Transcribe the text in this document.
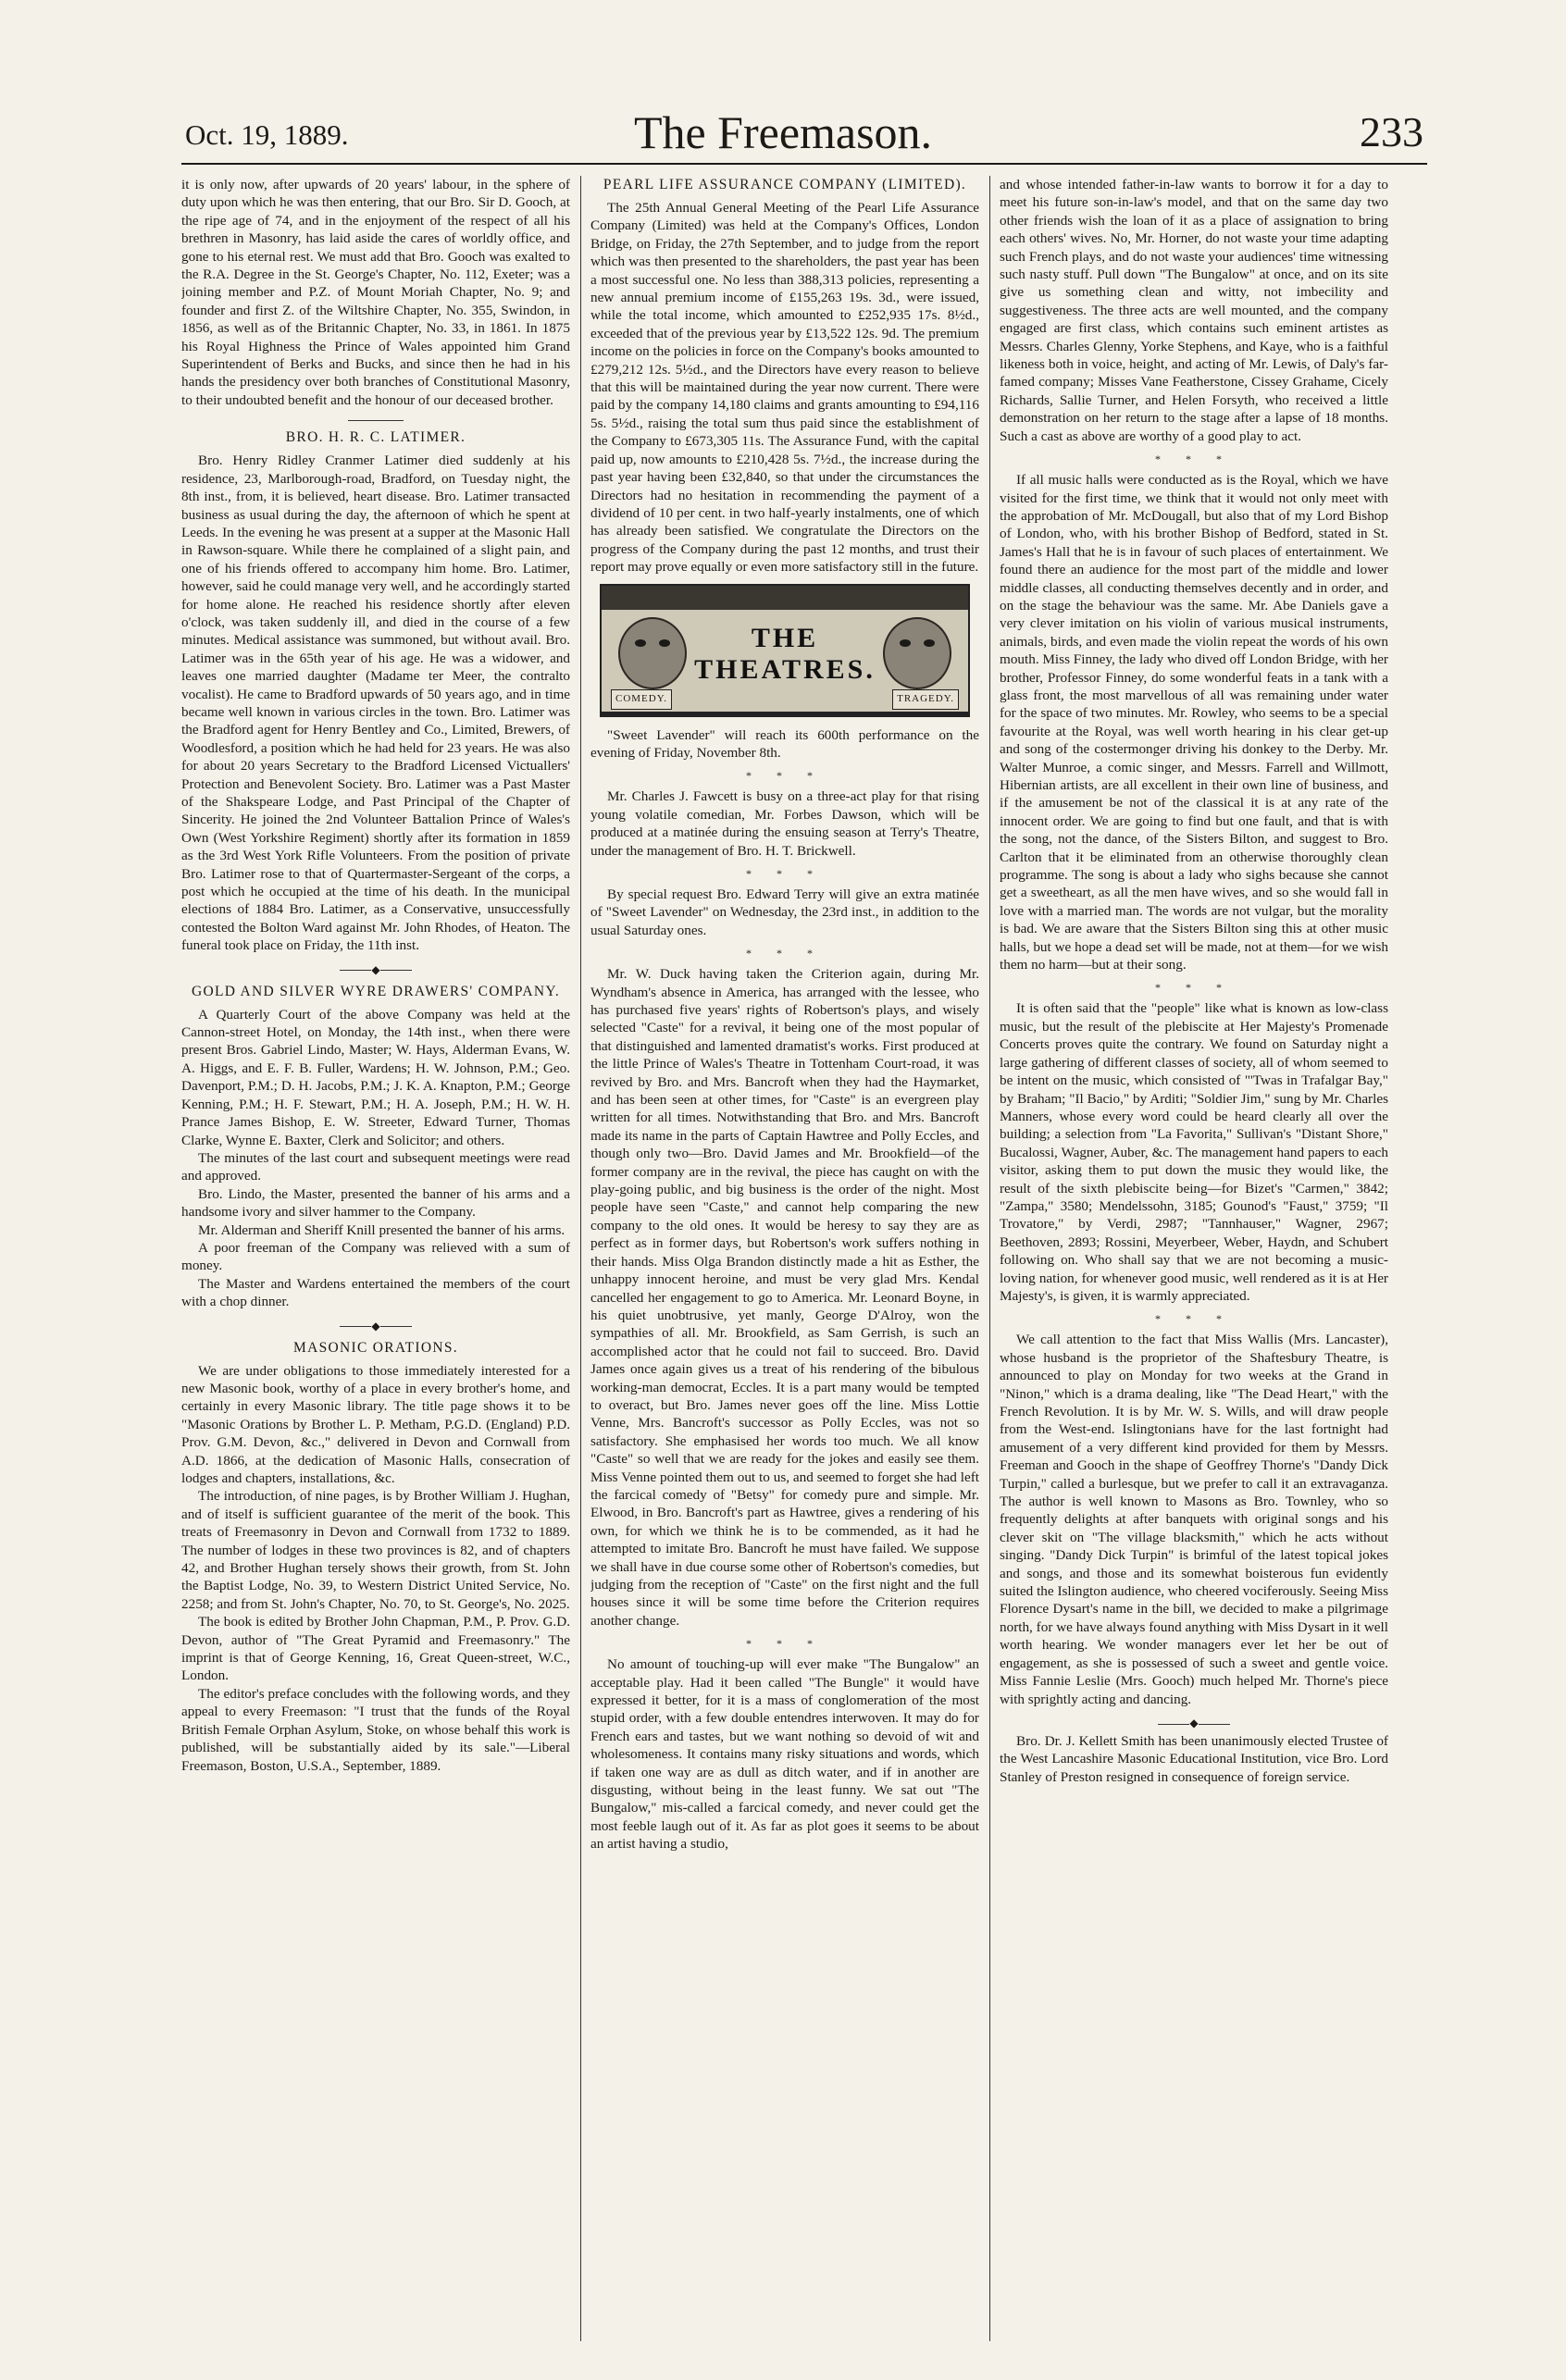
Oct. 19, 1889.	The Freemason.	233

it is only now, after upwards of 20 years' labour, in the sphere of duty upon which he was then entering, that our Bro. Sir D. Gooch, at the ripe age of 74, and in the enjoyment of the respect of all his brethren in Masonry, has laid aside the cares of worldly office, and gone to his eternal rest. We must add that Bro. Gooch was exalted to the R.A. Degree in the St. George's Chapter, No. 112, Exeter; was a joining member and P.Z. of Mount Moriah Chapter, No. 9; and founder and first Z. of the Wiltshire Chapter, No. 355, Swindon, in 1856, as well as of the Britannic Chapter, No. 33, in 1861. In 1875 his Royal Highness the Prince of Wales appointed him Grand Superintendent of Berks and Bucks, and since then he had in his hands the presidency over both branches of Constitutional Masonry, to their undoubted benefit and the honour of our deceased brother.

BRO. H. R. C. LATIMER.

Bro. Henry Ridley Cranmer Latimer died suddenly at his residence, 23, Marlborough-road, Bradford, on Tuesday night, the 8th inst., from, it is believed, heart disease. Bro. Latimer transacted business as usual during the day, the afternoon of which he spent at Leeds. In the evening he was present at a supper at the Masonic Hall in Rawson-square. While there he complained of a slight pain, and one of his friends offered to accompany him home. Bro. Latimer, however, said he could manage very well, and he accordingly started for home alone. He reached his residence shortly after eleven o'clock, was taken suddenly ill, and died in the course of a few minutes. Medical assistance was summoned, but without avail. Bro. Latimer was in the 65th year of his age. He was a widower, and leaves one married daughter (Madame ter Meer, the contralto vocalist). He came to Bradford upwards of 50 years ago, and in time became well known in various circles in the town. Bro. Latimer was the Bradford agent for Henry Bentley and Co., Limited, Brewers, of Woodlesford, a position which he had held for 23 years. He was also for about 20 years Secretary to the Bradford Licensed Victuallers' Protection and Benevolent Society. Bro. Latimer was a Past Master of the Shakspeare Lodge, and Past Principal of the Chapter of Sincerity. He joined the 2nd Volunteer Battalion Prince of Wales's Own (West Yorkshire Regiment) shortly after its formation in 1859 as the 3rd West York Rifle Volunteers. From the position of private Bro. Latimer rose to that of Quartermaster-Sergeant of the corps, a post which he occupied at the time of his death. In the municipal elections of 1884 Bro. Latimer, as a Conservative, unsuccessfully contested the Bolton Ward against Mr. John Rhodes, of Heaton. The funeral took place on Friday, the 11th inst.

◆
GOLD AND SILVER WYRE DRAWERS' COMPANY.

A Quarterly Court of the above Company was held at the Cannon-street Hotel, on Monday, the 14th inst., when there were present Bros. Gabriel Lindo, Master; W. Hays, Alderman Evans, W. A. Higgs, and E. F. B. Fuller, Wardens; H. W. Johnson, P.M.; Geo. Davenport, P.M.; D. H. Jacobs, P.M.; J. K. A. Knapton, P.M.; George Kenning, P.M.; H. F. Stewart, P.M.; H. A. Joseph, P.M.; H. W. H. Prance James Bishop, E. W. Streeter, Edward Turner, Thomas Clarke, Wynne E. Baxter, Clerk and Solicitor; and others.

The minutes of the last court and subsequent meetings were read and approved.

Bro. Lindo, the Master, presented the banner of his arms and a handsome ivory and silver hammer to the Company.

Mr. Alderman and Sheriff Knill presented the banner of his arms.

A poor freeman of the Company was relieved with a sum of money.

The Master and Wardens entertained the members of the court with a chop dinner.

◆
MASONIC ORATIONS.

We are under obligations to those immediately interested for a new Masonic book, worthy of a place in every brother's home, and certainly in every Masonic library. The title page shows it to be "Masonic Orations by Brother L. P. Metham, P.G.D. (England) P.D. Prov. G.M. Devon, &c.," delivered in Devon and Cornwall from A.D. 1866, at the dedication of Masonic Halls, consecration of lodges and chapters, installations, &c.

The introduction, of nine pages, is by Brother William J. Hughan, and of itself is sufficient guarantee of the merit of the book. This treats of Freemasonry in Devon and Cornwall from 1732 to 1889. The number of lodges in these two provinces is 82, and of chapters 42, and Brother Hughan tersely shows their growth, from St. John the Baptist Lodge, No. 39, to Western District United Service, No. 2258; and from St. John's Chapter, No. 70, to St. George's, No. 2025.

The book is edited by Brother John Chapman, P.M., P. Prov. G.D. Devon, author of "The Great Pyramid and Freemasonry." The imprint is that of George Kenning, 16, Great Queen-street, W.C., London.

The editor's preface concludes with the following words, and they appeal to every Freemason: "I trust that the funds of the Royal British Female Orphan Asylum, Stoke, on whose behalf this work is published, will be substantially aided by its sale."—Liberal Freemason, Boston, U.S.A., September, 1889.

PEARL LIFE ASSURANCE COMPANY (LIMITED).

The 25th Annual General Meeting of the Pearl Life Assurance Company (Limited) was held at the Company's Offices, London Bridge, on Friday, the 27th September, and to judge from the report which was then presented to the shareholders, the past year has been a most successful one. No less than 388,313 policies, representing a new annual premium income of £155,263 19s. 3d., were issued, while the total income, which amounted to £252,935 17s. 8½d., exceeded that of the previous year by £13,522 12s. 9d. The premium income on the policies in force on the Company's books amounted to £279,212 12s. 5½d., and the Directors have every reason to believe that this will be maintained during the year now current. There were paid by the company 14,180 claims and grants amounting to £94,116 5s. 5½d., raising the total sum thus paid since the establishment of the Company to £673,305 11s. The Assurance Fund, with the capital paid up, now amounts to £210,428 5s. 7½d., the increase during the past year having been £32,840, so that under the circumstances the Directors had no hesitation in recommending the payment of a dividend of 10 per cent. in two half-yearly instalments, one of which has already been satisfied. We congratulate the Directors on the progress of the Company during the past 12 months, and trust their report may prove equally or even more satisfactory still in the future.

THE THEATRES.
COMEDY.	TRAGEDY.

"Sweet Lavender" will reach its 600th performance on the evening of Friday, November 8th.

* * *

Mr. Charles J. Fawcett is busy on a three-act play for that rising young volatile comedian, Mr. Forbes Dawson, which will be produced at a matinée during the ensuing season at Terry's Theatre, under the management of Bro. H. T. Brickwell.

* * *

By special request Bro. Edward Terry will give an extra matinée of "Sweet Lavender" on Wednesday, the 23rd inst., in addition to the usual Saturday ones.

* * *

Mr. W. Duck having taken the Criterion again, during Mr. Wyndham's absence in America, has arranged with the lessee, who has purchased five years' rights of Robertson's plays, and wisely selected "Caste" for a revival, it being one of the most popular of that distinguished and lamented dramatist's works. First produced at the little Prince of Wales's Theatre in Tottenham Court-road, it was revived by Bro. and Mrs. Bancroft when they had the Haymarket, and has been seen at other times, for "Caste" is an evergreen play written for all times. Notwithstanding that Bro. and Mrs. Bancroft made its name in the parts of Captain Hawtree and Polly Eccles, and though only two—Bro. David James and Mr. Brookfield—of the former company are in the revival, the piece has caught on with the play-going public, and big business is the order of the night. Most people have seen "Caste," and cannot help comparing the new company to the old ones. It would be heresy to say they are as perfect as in former days, but Robertson's work suffers nothing in their hands. Miss Olga Brandon distinctly made a hit as Esther, the unhappy innocent heroine, and must be very glad Mrs. Kendal cancelled her engagement to go to America. Mr. Leonard Boyne, in his quiet unobtrusive, yet manly, George D'Alroy, won the sympathies of all. Mr. Brookfield, as Sam Gerrish, is such an accomplished actor that he could not fail to succeed. Bro. David James once again gives us a treat of his rendering of the bibulous working-man democrat, Eccles. It is a part many would be tempted to overact, but Bro. James never goes off the line. Miss Lottie Venne, Mrs. Bancroft's successor as Polly Eccles, was not so satisfactory. She emphasised her words too much. We all know "Caste" so well that we are ready for the jokes and easily see them. Miss Venne pointed them out to us, and seemed to forget she had left the farcical comedy of "Betsy" for comedy pure and simple. Mr. Elwood, in Bro. Bancroft's part as Hawtree, gives a rendering of his own, for which we think he is to be commended, as it had he attempted to imitate Bro. Bancroft he must have failed. We suppose we shall have in due course some other of Robertson's comedies, but judging from the reception of "Caste" on the first night and the full houses since it will be some time before the Criterion requires another change.

* * *

No amount of touching-up will ever make "The Bungalow" an acceptable play. Had it been called "The Bungle" it would have expressed it better, for it is a mass of conglomeration of the most stupid order, with a few double entendres interwoven. It may do for French ears and tastes, but we want nothing so devoid of wit and wholesomeness. It contains many risky situations and words, which if taken one way are as dull as ditch water, and if in another are disgusting, without being in the least funny. We sat out "The Bungalow," mis-called a farcical comedy, and never could get the most feeble laugh out of it. As far as plot goes it seems to be about an artist having a studio,

and whose intended father-in-law wants to borrow it for a day to meet his future son-in-law's model, and that on the same day two other friends wish the loan of it as a place of assignation to bring each others' wives. No, Mr. Horner, do not waste your time adapting such French plays, and do not waste your audiences' time witnessing such nasty stuff. Pull down "The Bungalow" at once, and on its site give us something clean and witty, not imbecility and suggestiveness. The three acts are well mounted, and the company engaged are first class, which contains such eminent artistes as Messrs. Charles Glenny, Yorke Stephens, and Kaye, who is a faithful likeness both in voice, height, and acting of Mr. Lewis, of Daly's far-famed company; Misses Vane Featherstone, Cissey Grahame, Cicely Richards, Sallie Turner, and Helen Forsyth, who received a little demonstration on her return to the stage after a lapse of 18 months. Such a cast as above are worthy of a good play to act.

* * *

If all music halls were conducted as is the Royal, which we have visited for the first time, we think that it would not only meet with the approbation of Mr. McDougall, but also that of my Lord Bishop of London, who, with his brother Bishop of Bedford, stated in St. James's Hall that he is in favour of such places of entertainment. We found there an audience for the most part of the middle and lower middle classes, all conducting themselves decently and in order, and on the stage the behaviour was the same. Mr. Abe Daniels gave a very clever imitation on his violin of various musical instruments, animals, birds, and even made the violin repeat the words of his own mouth. Miss Finney, the lady who dived off London Bridge, with her brother, Professor Finney, do some wonderful feats in a tank with a glass front, the most marvellous of all was remaining under water for the space of two minutes. Mr. Rowley, who seems to be a special favourite at the Royal, was well worth hearing in his clear get-up and song of the costermonger driving his donkey to the Derby. Mr. Walter Munroe, a comic singer, and Messrs. Farrell and Willmott, Hibernian artists, are all excellent in their own line of business, and if the amusement be not of the classical it is at any rate of the innocent order. We are going to find but one fault, and that is with the song, not the dance, of the Sisters Bilton, and suggest to Bro. Carlton that it be eliminated from an otherwise thoroughly clean programme. The song is about a lady who sighs because she cannot get a sweetheart, as all the men have wives, and so she would fall in love with a married man. The words are not vulgar, but the morality is bad. We are aware that the Sisters Bilton sing this at other music halls, but we hope a dead set will be made, not at them—for we wish them no harm—but at their song.

* * *

It is often said that the "people" like what is known as low-class music, but the result of the plebiscite at Her Majesty's Promenade Concerts proves quite the contrary. We found on Saturday night a large gathering of different classes of society, all of whom seemed to be intent on the music, which consisted of "'Twas in Trafalgar Bay," by Braham; "Il Bacio," by Arditi; "Soldier Jim," sung by Mr. Charles Manners, whose every word could be heard clearly all over the building; a selection from "La Favorita," Sullivan's "Distant Shore," Bucalossi, Wagner, Auber, &c. The management hand papers to each visitor, asking them to put down the music they would like, the result of the sixth plebiscite being—for Bizet's "Carmen," 3842; "Zampa," 3580; Mendelssohn, 3185; Gounod's "Faust," 3759; "Il Trovatore," by Verdi, 2987; "Tannhauser," Wagner, 2967; Beethoven, 2893; Rossini, Meyerbeer, Weber, Haydn, and Schubert following on. Who shall say that we are not becoming a music-loving nation, for whenever good music, well rendered as it is at Her Majesty's, is given, it is warmly appreciated.

* * *

We call attention to the fact that Miss Wallis (Mrs. Lancaster), whose husband is the proprietor of the Shaftesbury Theatre, is announced to play on Monday for two weeks at the Grand in "Ninon," which is a drama dealing, like "The Dead Heart," with the French Revolution. It is by Mr. W. S. Wills, and will draw people from the West-end. Islingtonians have for the last fortnight had amusement of a very different kind provided for them by Messrs. Freeman and Gooch in the shape of Geoffrey Thorne's "Dandy Dick Turpin," called a burlesque, but we prefer to call it an extravaganza. The author is well known to Masons as Bro. Townley, who so frequently delights at after banquets with original songs and his clever skit on "The village blacksmith," which he acts without singing. "Dandy Dick Turpin" is brimful of the latest topical jokes and songs, and those and its somewhat boisterous fun evidently suited the Islington audience, who cheered vociferously. Seeing Miss Florence Dysart's name in the bill, we decided to make a pilgrimage north, for we have always found anything with Miss Dysart in it well worth hearing. We wonder managers ever let her be out of engagement, as she is possessed of such a sweet and gentle voice. Miss Fannie Leslie (Mrs. Gooch) much helped Mr. Thorne's piece with sprightly acting and dancing.

◆

Bro. Dr. J. Kellett Smith has been unanimously elected Trustee of the West Lancashire Masonic Educational Institution, vice Bro. Lord Stanley of Preston resigned in consequence of foreign service.
